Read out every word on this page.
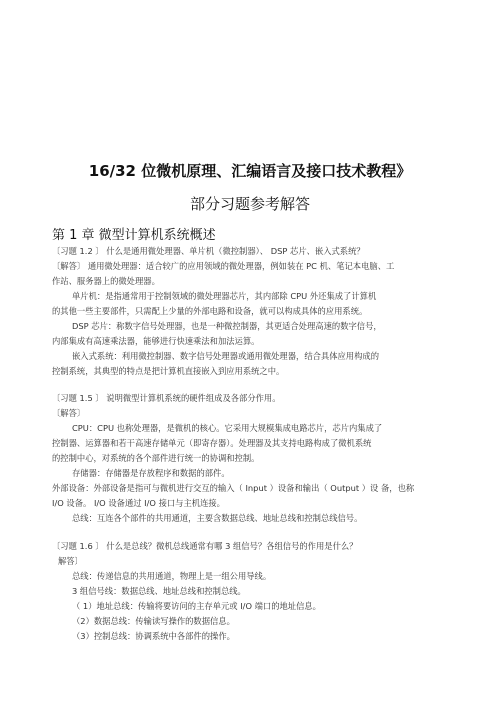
16/32 位微机原理、汇编语言及接口技术教程》
部分习题参考解答
第 1 章 微型计算机系统概述
〔习题 1.2 〕 什么是通用微处理器、单片机（微控制器）、 DSP 芯片、嵌入式系统？
〔解答〕 通用微处理器：适合较广的应用领域的微处理器，例如装在 PC 机、笔记本电脑、工
作站、服务器上的微处理器。
单片机：是指通常用于控制领域的微处理器芯片，其内部除 CPU 外还集成了计算机
的其他一些主要部件，只需配上少量的外部电路和设备，就可以构成具体的应用系统。
DSP 芯片：称数字信号处理器，也是一种微控制器，其更适合处理高速的数字信号，
内部集成有高速乘法器，能够进行快速乘法和加法运算。
嵌入式系统：利用微控制器、数字信号处理器或通用微处理器，结合具体应用构成的
控制系统，其典型的特点是把计算机直接嵌入到应用系统之中。
〔习题 1.5 〕 说明微型计算机系统的硬件组成及各部分作用。
〔解答〕
CPU：CPU 也称处理器，是微机的核心。它采用大规模集成电路芯片，芯片内集成了
控制器、运算器和若干高速存储单元（即寄存器）。处理器及其支持电路构成了微机系统
的控制中心，对系统的各个部件进行统一的协调和控制。
存储器：存储器是存放程序和数据的部件。
外部设备：外部设备是指可与微机进行交互的输入（ Input ）设备和输出（ Output ）设 备，也称
I/O 设备。 I/O 设备通过 I/O 接口与主机连接。
总线：互连各个部件的共用通道，主要含数据总线、地址总线和控制总线信号。
〔习题 1.6 〕 什么是总线？微机总线通常有哪 3 组信号？各组信号的作用是什么？
解答〕
总线：传递信息的共用通道，物理上是一组公用导线。
3 组信号线：数据总线、地址总线和控制总线。
（ 1）地址总线：传输将要访问的主存单元或 I/O 端口的地址信息。
（2）数据总线：传输读写操作的数据信息。
（3）控制总线：协调系统中各部件的操作。
